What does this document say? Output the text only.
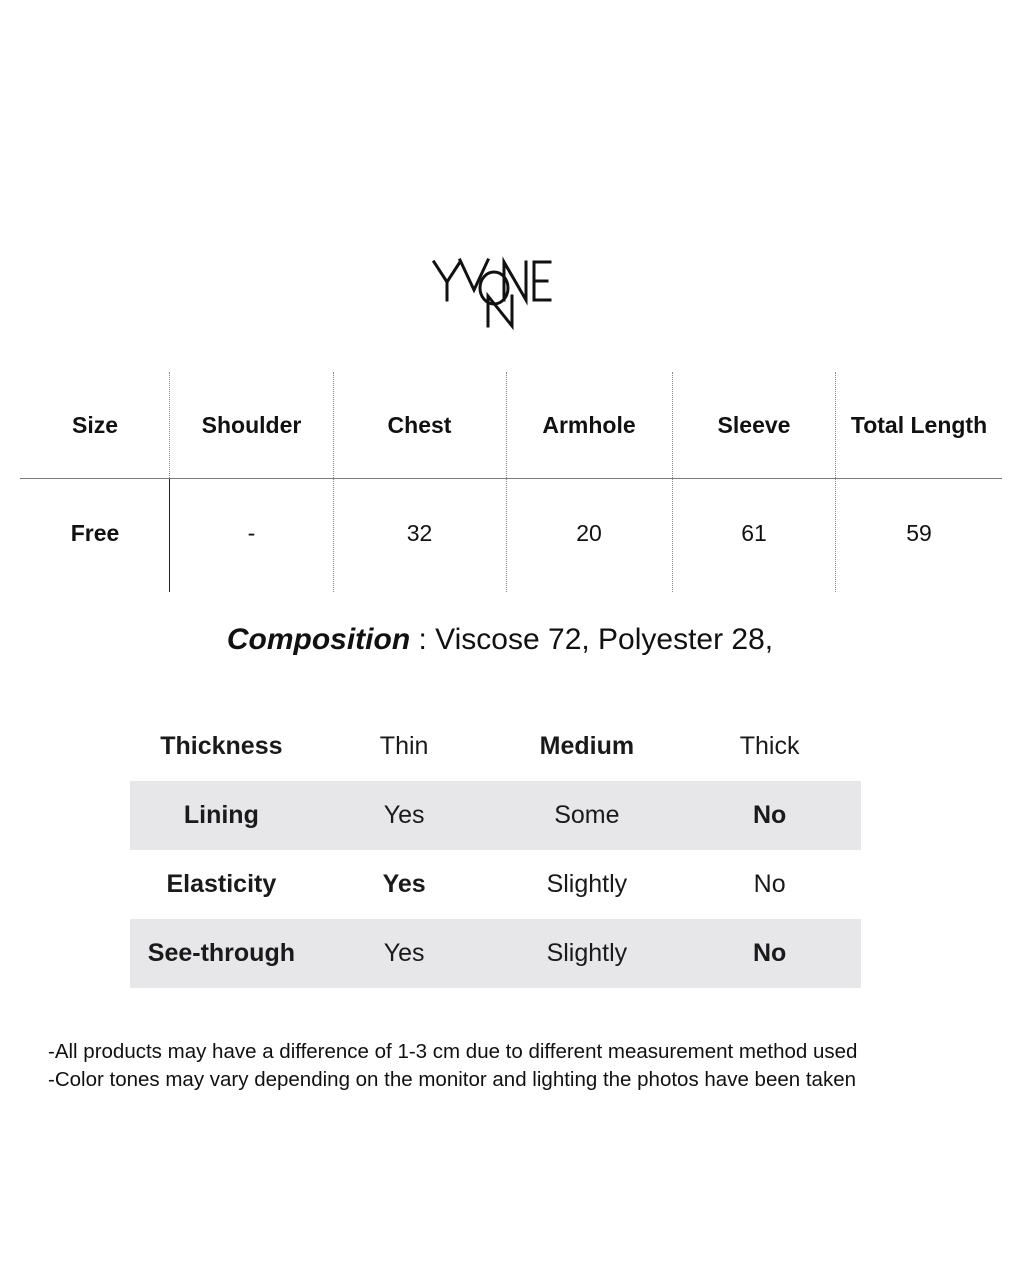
Size	Shoulder	Chest	Armhole	Sleeve	Total Length
Free	-	32	20	61	59
Composition : Viscose 72, Polyester 28,
Thickness	Thin	Medium	Thick
Lining	Yes	Some	No
Elasticity	Yes	Slightly	No
See-through	Yes	Slightly	No
-All products may have a difference of 1-3 cm due to different measurement method used
-Color tones may vary depending on the monitor and lighting the photos have been taken
